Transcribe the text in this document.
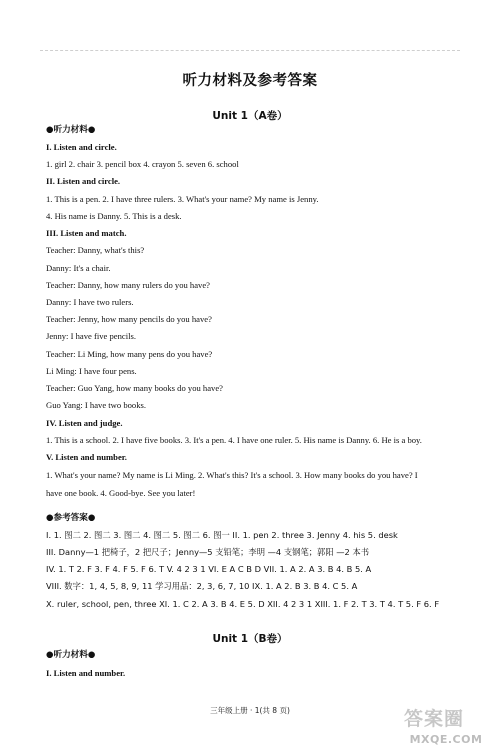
听力材料及参考答案
Unit 1（A卷）
●听力材料●
I. Listen and circle.
1. girl 2. chair 3. pencil box 4. crayon 5. seven 6. school
II. Listen and circle.
1. This is a pen. 2. I have three rulers. 3. What's your name? My name is Jenny.
4. His name is Danny. 5. This is a desk.
III. Listen and match.
Teacher: Danny, what's this?
Danny: It's a chair.
Teacher: Danny, how many rulers do you have?
Danny: I have two rulers.
Teacher: Jenny, how many pencils do you have?
Jenny: I have five pencils.
Teacher: Li Ming, how many pens do you have?
Li Ming: I have four pens.
Teacher: Guo Yang, how many books do you have?
Guo Yang: I have two books.
IV. Listen and judge.
1. This is a school. 2. I have five books. 3. It's a pen. 4. I have one ruler. 5. His name is Danny. 6. He is a boy.
V. Listen and number.
1. What's your name? My name is Li Ming. 2. What's this? It's a school. 3. How many books do you have? I
have one book. 4. Good-bye. See you later!
●参考答案●
I. 1. 图二 2. 图二 3. 图二 4. 图二 5. 图二 6. 图一 II. 1. pen 2. three 3. Jenny 4. his 5. desk
III. Danny—1 把椅子，2 把尺子；Jenny—5 支铅笔；李明 —4 支钢笔；郭阳 —2 本书
IV. 1. T 2. F 3. F 4. F 5. F 6. T V. 4 2 3 1 VI. E A C B D VII. 1. A 2. A 3. B 4. B 5. A
VIII. 数字：1, 4, 5, 8, 9, 11 学习用品：2, 3, 6, 7, 10 IX. 1. A 2. B 3. B 4. C 5. A
X. ruler, school, pen, three XI. 1. C 2. A 3. B 4. E 5. D XII. 4 2 3 1 XIII. 1. F 2. T 3. T 4. T 5. F 6. F
Unit 1（B卷）
●听力材料●
I. Listen and number.
三年级上册 · 1(共 8 页)	答案圈
MXQE.COM
